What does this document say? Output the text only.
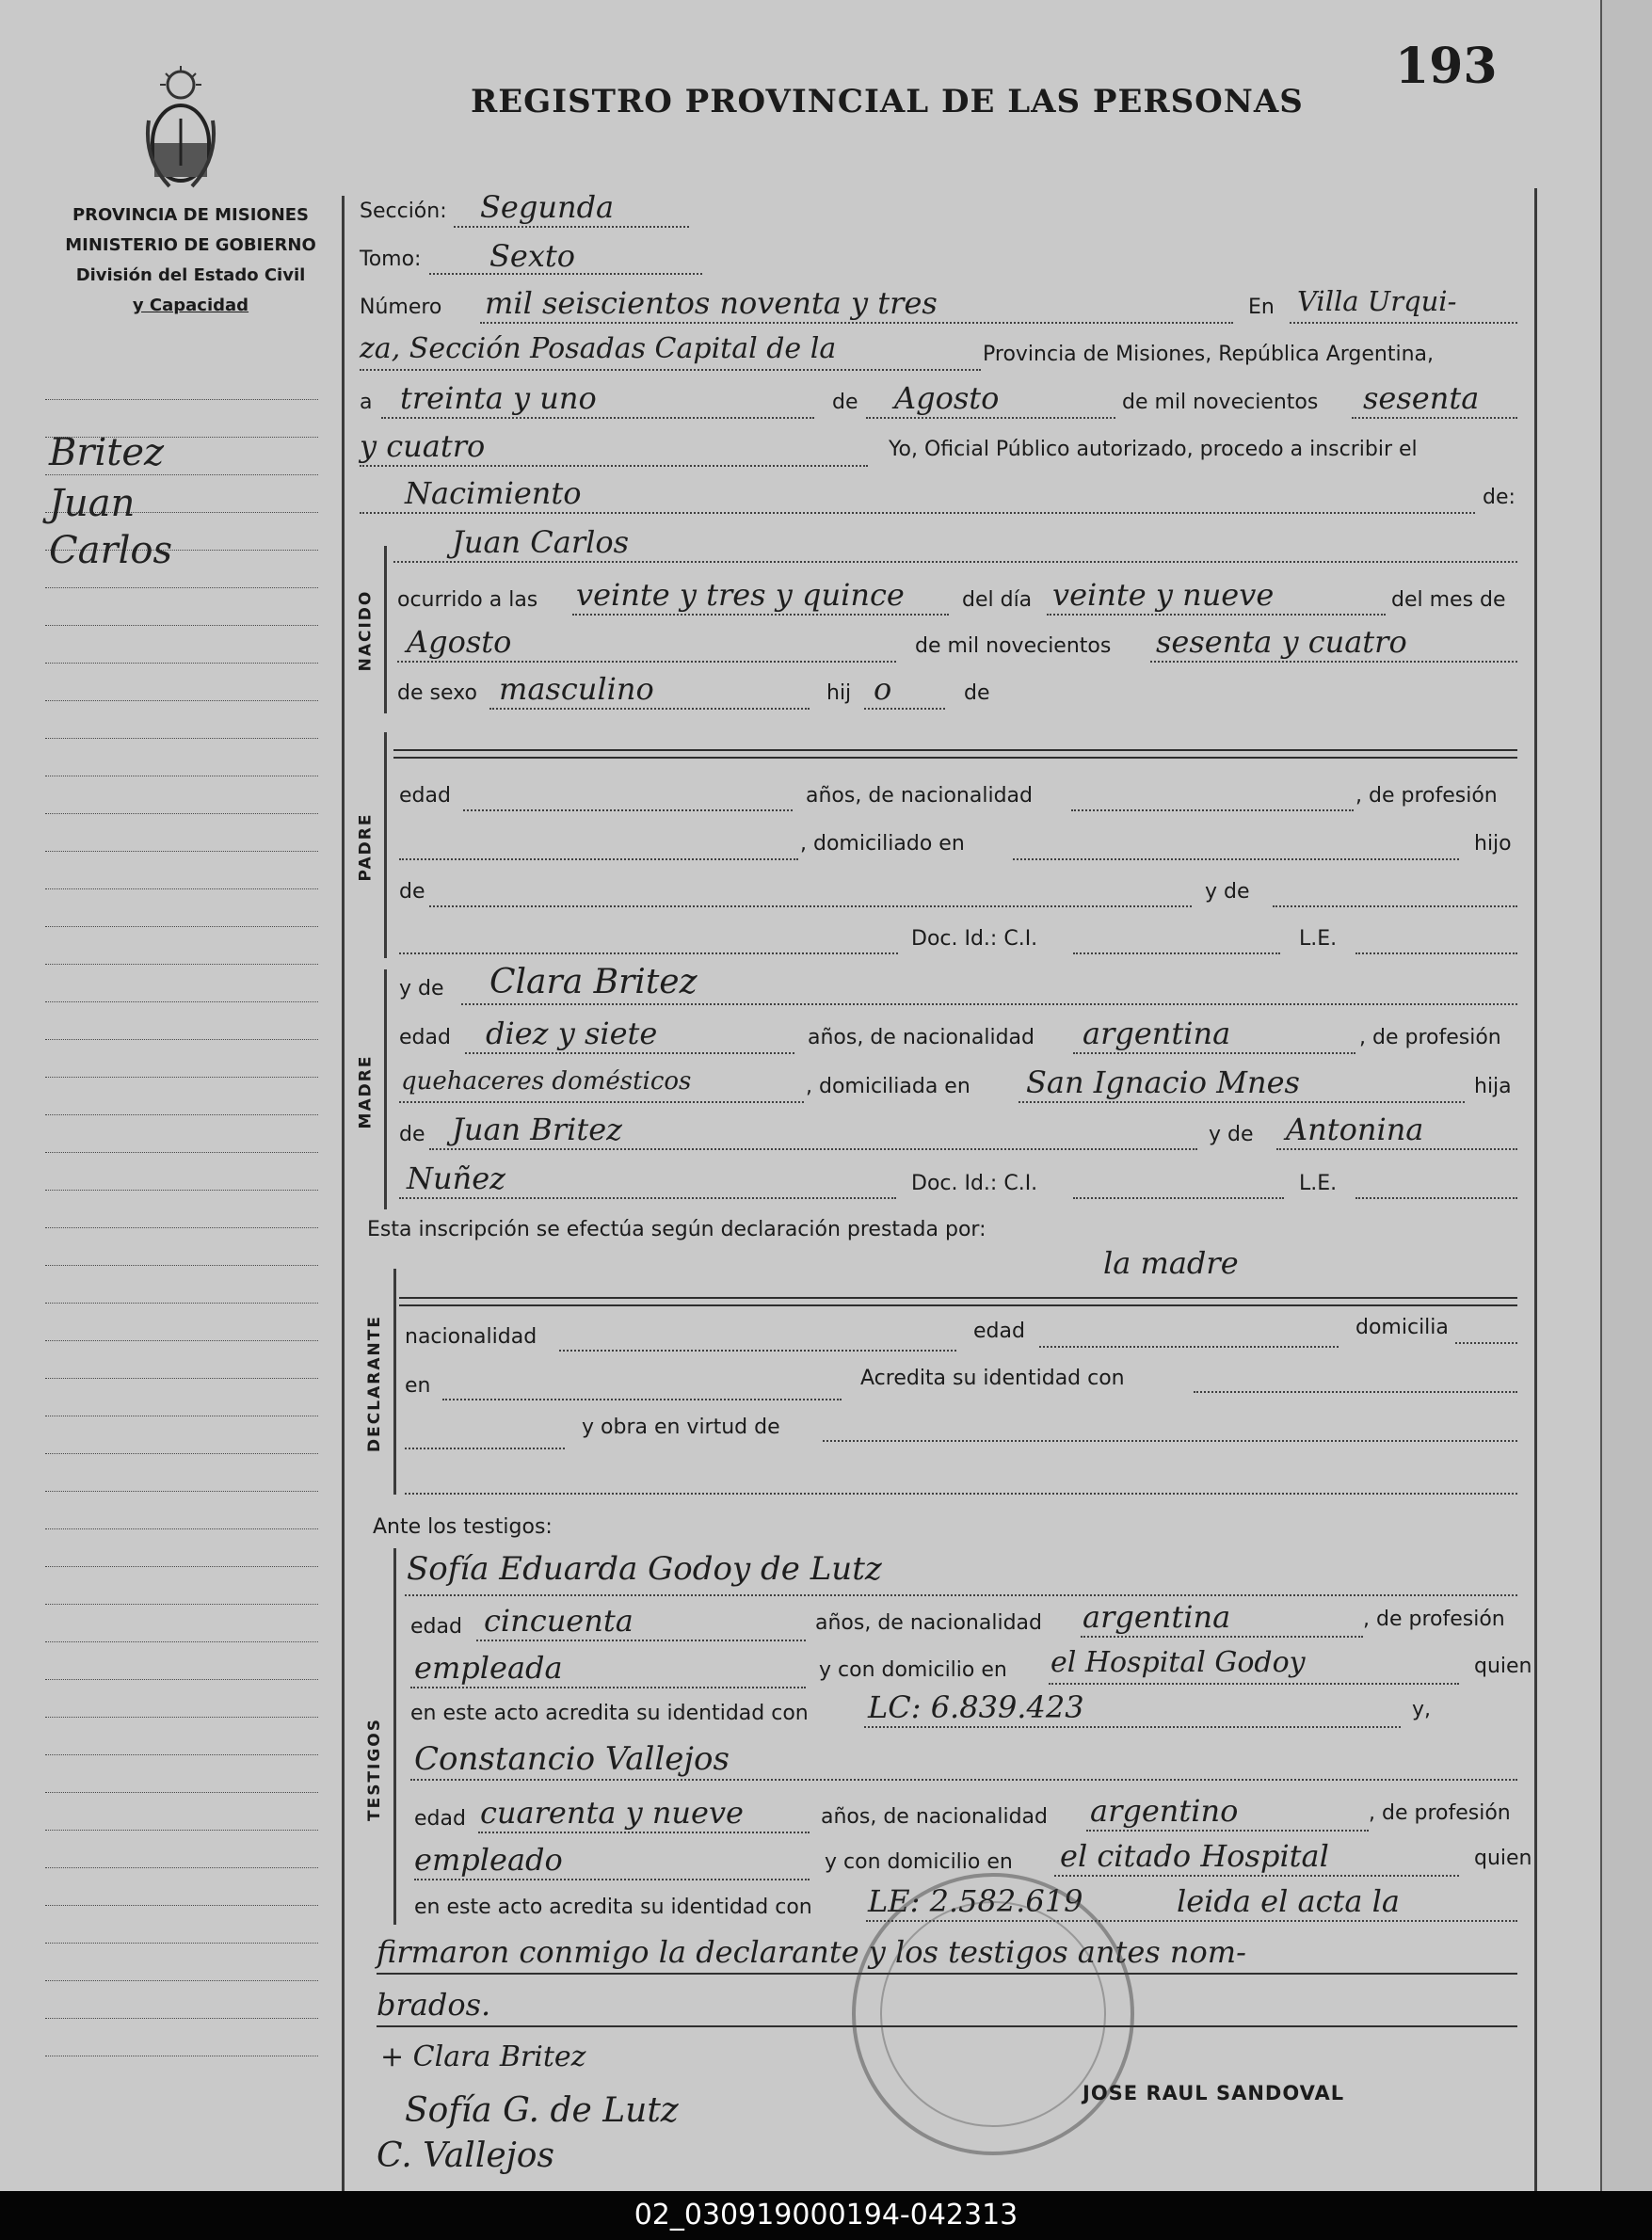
REGISTRO PROVINCIAL DE LAS PERSONAS
193
PROVINCIA DE MISIONES
MINISTERIO DE GOBIERNO
División del Estado Civil
y Capacidad
Britez
Juan
Carlos
NACIDO
PADRE
MADRE
DECLARANTE
TESTIGOS
Sección: Segunda
Tomo: Sexto
Número mil seiscientos noventa y tres	En Villa Urqui-
za, Sección Posadas Capital de la	Provincia de Misiones, República Argentina,
a treinta y uno	de Agosto	de mil novecientos sesenta
y cuatro	Yo, Oficial Público autorizado, procedo a inscribir el
Nacimiento	de:
Juan Carlos
ocurrido a las veinte y tres y quince	del día veinte y nueve	del mes de
Agosto	de mil novecientos sesenta y cuatro
de sexo masculino	hij o	de
edad	años, de nacionalidad	, de profesión
, domiciliado en	hijo
de	y de
Doc. Id.: C.I.	L.E.
y de Clara Britez
edad diez y siete	años, de nacionalidad argentina	, de profesión
quehaceres domésticos	, domiciliada en San Ignacio Mnes	hija
de Juan Britez	y de Antonina
Nuñez	Doc. Id.: C.I.	L.E.
Esta inscripción se efectúa según declaración prestada por:
la madre
nacionalidad	edad	domicilia
en	Acredita su identidad con
y obra en virtud de
Ante los testigos:
Sofía Eduarda Godoy de Lutz
edad cincuenta	años, de nacionalidad argentina	, de profesión
empleada	y con domicilio en el Hospital Godoy	quien
en este acto acredita su identidad con LC: 6.839.423	y,
Constancio Vallejos
edad cuarenta y nueve	años, de nacionalidad argentino	, de profesión
empleado	y con domicilio en el citado Hospital	quien
en este acto acredita su identidad con LE: 2.582.619	leida el acta la
firmaron conmigo la declarante y los testigos antes nom-
brados.
+ Clara Britez
Sofía G. de Lutz
C. Vallejos
JOSE RAUL SANDOVAL
02_030919000194-042313
